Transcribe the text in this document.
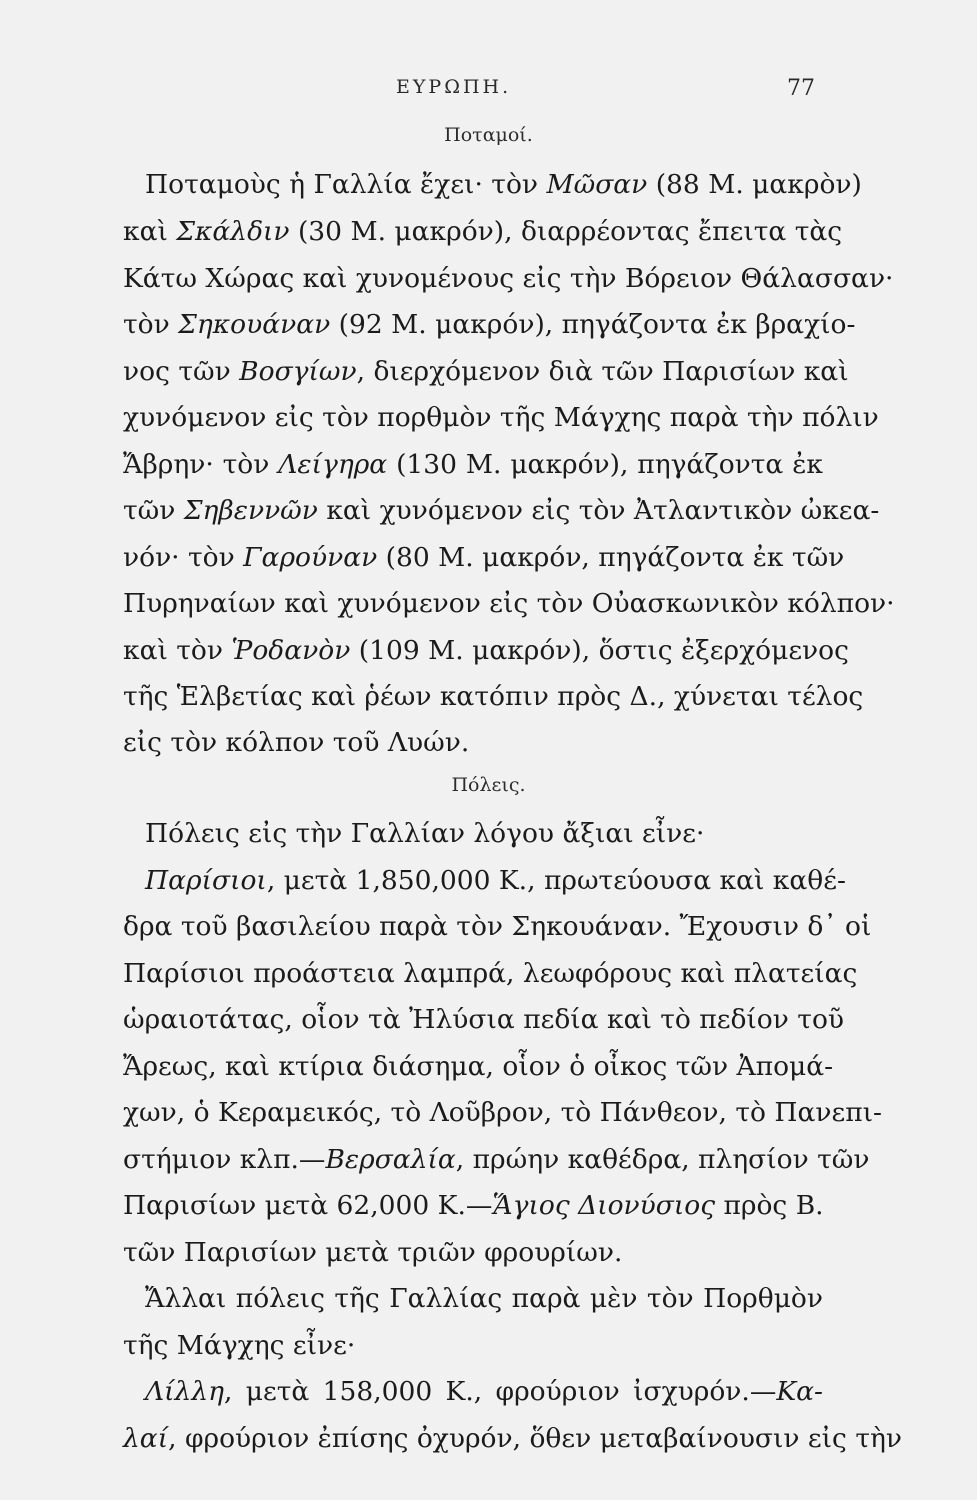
ΕΥΡΩΠΗ.	77
Ποταμοί.
Ποταμοὺς ἡ Γαλλία ἔχει· τὸν Μῶσαν (88 Μ. μακρὸν)
καὶ Σκάλδιν (30 Μ. μακρόν), διαρρέοντας ἔπειτα τὰς
Κάτω Χώρας καὶ χυνομένους εἰς τὴν Βόρειον Θάλασσαν·
τὸν Σηκουάναν (92 Μ. μακρόν), πηγάζοντα ἐκ βραχίο-
νος τῶν Βοσγίων, διερχόμενον διὰ τῶν Παρισίων καὶ
χυνόμενον εἰς τὸν πορθμὸν τῆς Μάγχης παρὰ τὴν πόλιν
Ἄβρην· τὸν Λείγηρα (130 Μ. μακρόν), πηγάζοντα ἐκ
τῶν Σηβεννῶν καὶ χυνόμενον εἰς τὸν Ἀτλαντικὸν ὠκεα-
νόν· τὸν Γαρούναν (80 Μ. μακρόν, πηγάζοντα ἐκ τῶν
Πυρηναίων καὶ χυνόμενον εἰς τὸν Οὐασκωνικὸν κόλπον·
καὶ τὸν Ῥοδανὸν (109 Μ. μακρόν), ὅστις ἐξερχόμενος
τῆς Ἑλβετίας καὶ ῥέων κατόπιν πρὸς Δ., χύνεται τέλος
εἰς τὸν κόλπον τοῦ Λυών.
Πόλεις.
Πόλεις εἰς τὴν Γαλλίαν λόγου ἄξιαι εἶνε·
Παρίσιοι, μετὰ 1,850,000 Κ., πρωτεύουσα καὶ καθέ-
δρα τοῦ βασιλείου παρὰ τὸν Σηκουάναν. Ἔχουσιν δ᾽ οἱ
Παρίσιοι προάστεια λαμπρά, λεωφόρους καὶ πλατείας
ὡραιοτάτας, οἷον τὰ Ἠλύσια πεδία καὶ τὸ πεδίον τοῦ
Ἄρεως, καὶ κτίρια διάσημα, οἷον ὁ οἶκος τῶν Ἀπομά-
χων, ὁ Κεραμεικός, τὸ Λοῦβρον, τὸ Πάνθεον, τὸ Πανεπι-
στήμιον κλπ.—Βερσαλία, πρώην καθέδρα, πλησίον τῶν
Παρισίων μετὰ 62,000 Κ.—Ἅγιος Διονύσιος πρὸς Β.
τῶν Παρισίων μετὰ τριῶν φρουρίων.
Ἄλλαι πόλεις τῆς Γαλλίας παρὰ μὲν τὸν Πορθμὸν
τῆς Μάγχης εἶνε·
Λίλλη, μετὰ 158,000 Κ., φρούριον ἰσχυρόν.—Κα-
λαί, φρούριον ἐπίσης ὀχυρόν, ὅθεν μεταβαίνουσιν εἰς τὴν
